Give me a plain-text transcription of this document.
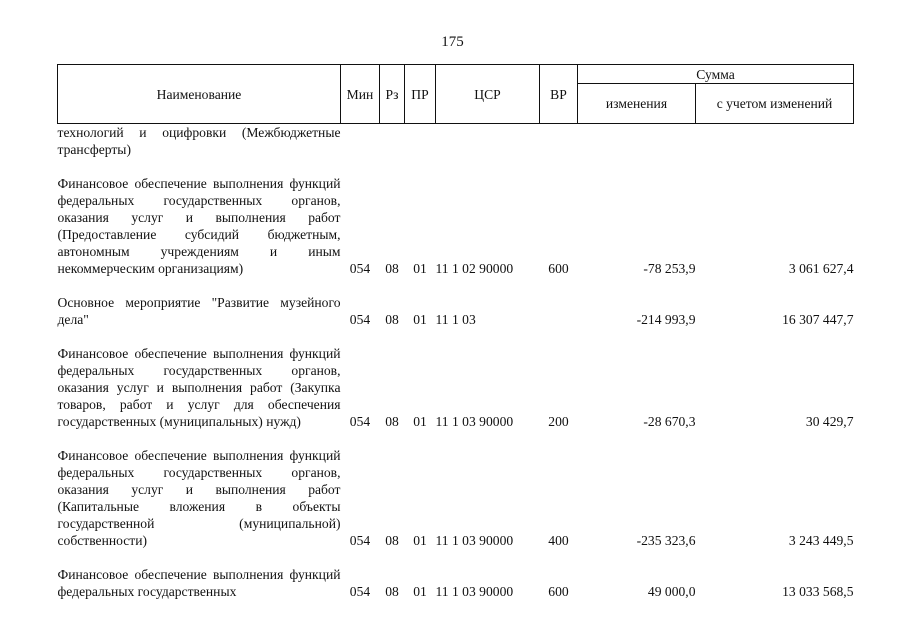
175
Наименование	Мин	Рз	ПР	ЦСР	ВР	Сумма	
						изменения	с учетом изменений

технологий и оцифровки (Межбюджетные трансферты)							

Финансовое обеспечение выполнения функций федеральных государственных органов, оказания услуг и выполнения работ (Предоставление субсидий бюджетным, автономным учреждениям и иным некоммерческим организациям)	054	08	01	11 1 02 90000	600	-78 253,9	3 061 627,4

Основное мероприятие "Развитие музейного дела"	054	08	01	11 1 03		-214 993,9	16 307 447,7

Финансовое обеспечение выполнения функций федеральных государственных органов, оказания услуг и выполнения работ (Закупка товаров, работ и услуг для обеспечения государственных (муниципальных) нужд)	054	08	01	11 1 03 90000	200	-28 670,3	30 429,7

Финансовое обеспечение выполнения функций федеральных государственных органов, оказания услуг и выполнения работ (Капитальные вложения в объекты государственной (муниципальной) собственности)	054	08	01	11 1 03 90000	400	-235 323,6	3 243 449,5

Финансовое обеспечение выполнения функций федеральных государственных	054	08	01	11 1 03 90000	600	49 000,0	13 033 568,5
